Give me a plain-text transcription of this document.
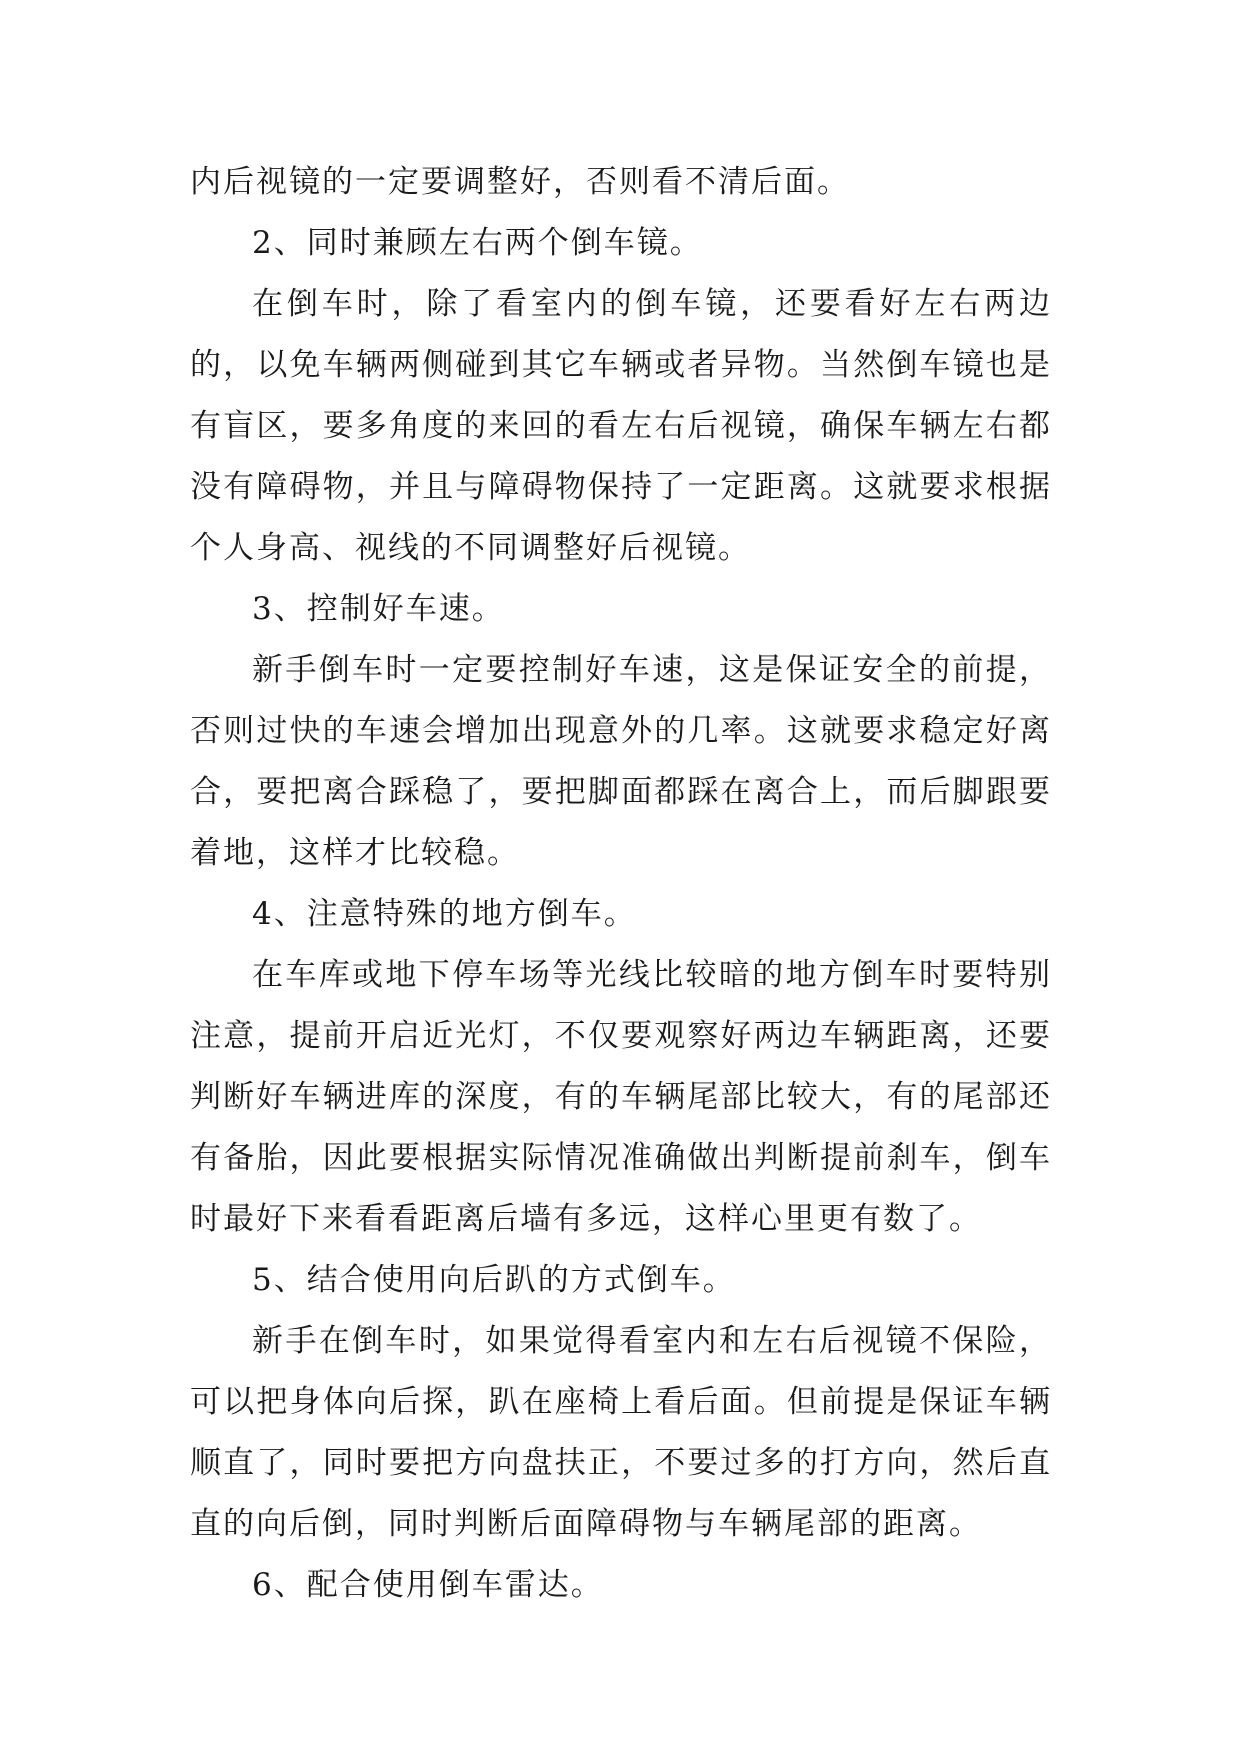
内后视镜的一定要调整好，否则看不清后面。

2、同时兼顾左右两个倒车镜。

在倒车时，除了看室内的倒车镜，还要看好左右两边的，以免车辆两侧碰到其它车辆或者异物。当然倒车镜也是有盲区，要多角度的来回的看左右后视镜，确保车辆左右都没有障碍物，并且与障碍物保持了一定距离。这就要求根据个人身高、视线的不同调整好后视镜。

3、控制好车速。

新手倒车时一定要控制好车速，这是保证安全的前提，否则过快的车速会增加出现意外的几率。这就要求稳定好离合，要把离合踩稳了，要把脚面都踩在离合上，而后脚跟要着地，这样才比较稳。

4、注意特殊的地方倒车。

在车库或地下停车场等光线比较暗的地方倒车时要特别注意，提前开启近光灯，不仅要观察好两边车辆距离，还要判断好车辆进库的深度，有的车辆尾部比较大，有的尾部还有备胎，因此要根据实际情况准确做出判断提前刹车，倒车时最好下来看看距离后墙有多远，这样心里更有数了。

5、结合使用向后趴的方式倒车。

新手在倒车时，如果觉得看室内和左右后视镜不保险，可以把身体向后探，趴在座椅上看后面。但前提是保证车辆顺直了，同时要把方向盘扶正，不要过多的打方向，然后直直的向后倒，同时判断后面障碍物与车辆尾部的距离。

6、配合使用倒车雷达。
